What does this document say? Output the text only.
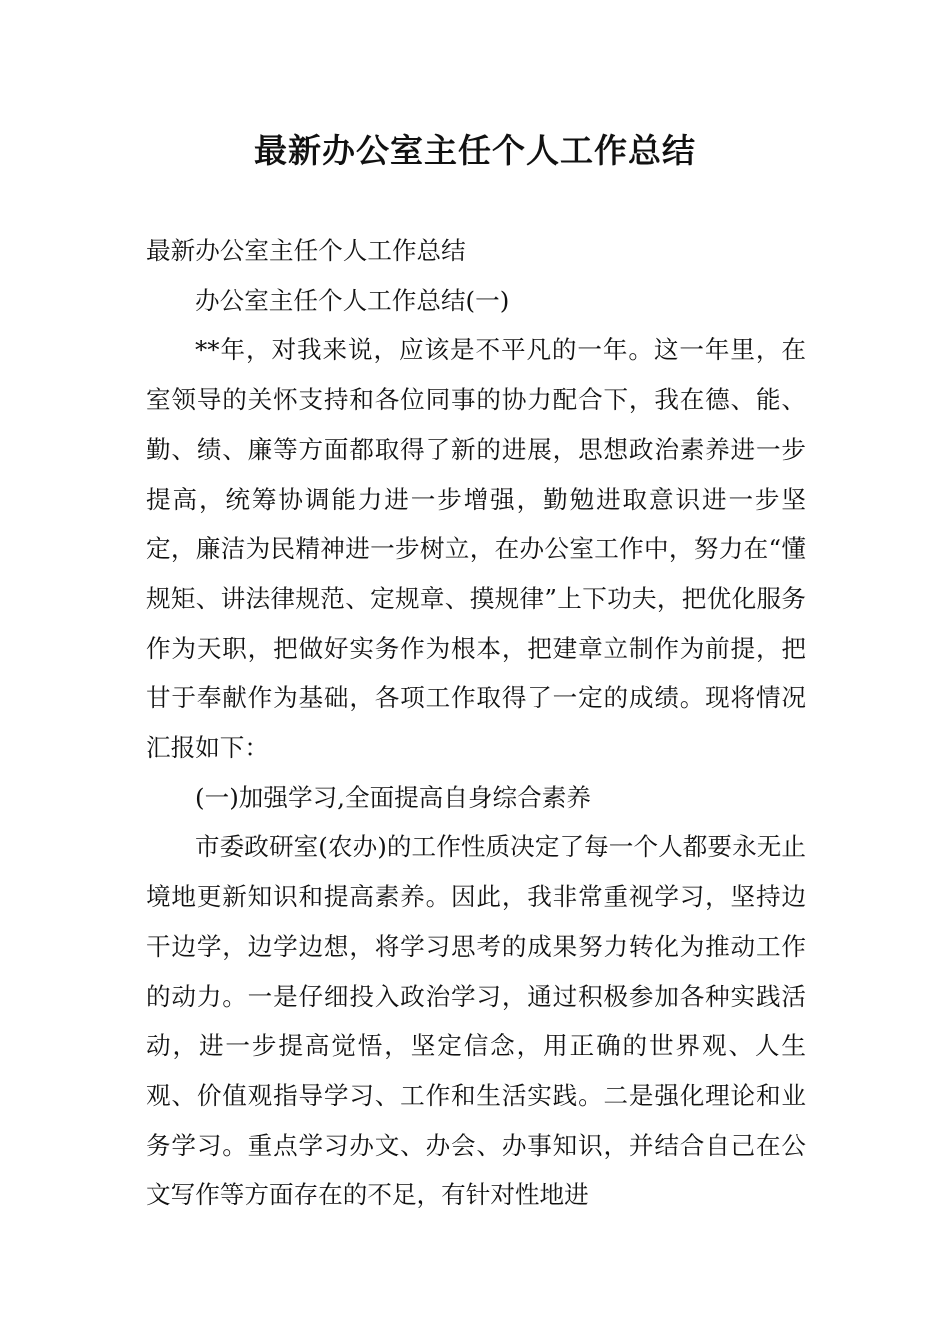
最新办公室主任个人工作总结

最新办公室主任个人工作总结

办公室主任个人工作总结(一)

**年，对我来说，应该是不平凡的一年。这一年里，在室领导的关怀支持和各位同事的协力配合下，我在德、能、勤、绩、廉等方面都取得了新的进展，思想政治素养进一步提高，统筹协调能力进一步增强，勤勉进取意识进一步坚定，廉洁为民精神进一步树立，在办公室工作中，努力在“懂规矩、讲法律规范、定规章、摸规律”上下功夫，把优化服务作为天职，把做好实务作为根本，把建章立制作为前提，把甘于奉献作为基础，各项工作取得了一定的成绩。现将情况汇报如下：

(一)加强学习,全面提高自身综合素养

市委政研室(农办)的工作性质决定了每一个人都要永无止境地更新知识和提高素养。因此，我非常重视学习，坚持边干边学，边学边想，将学习思考的成果努力转化为推动工作的动力。一是仔细投入政治学习，通过积极参加各种实践活动，进一步提高觉悟，坚定信念，用正确的世界观、人生观、价值观指导学习、工作和生活实践。二是强化理论和业务学习。重点学习办文、办会、办事知识，并结合自己在公文写作等方面存在的不足，有针对性地进
